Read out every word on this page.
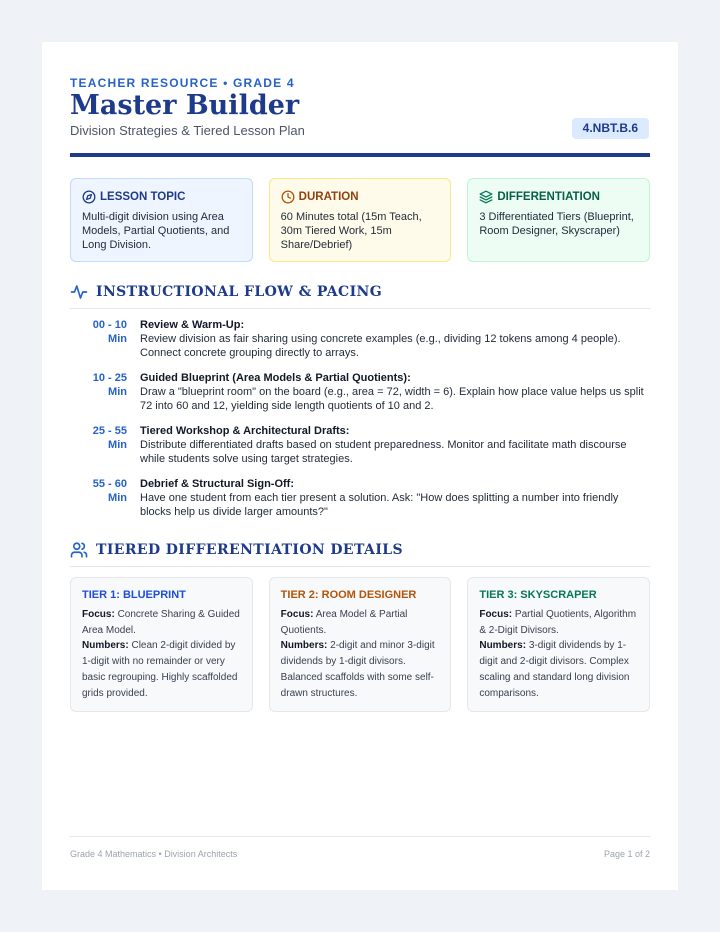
TEACHER RESOURCE • GRADE 4
Master Builder
Division Strategies & Tiered Lesson Plan	4.NBT.B.6
LESSON TOPIC
Multi-digit division using Area Models, Partial Quotients, and Long Division.
DURATION
60 Minutes total (15m Teach, 30m Tiered Work, 15m Share/Debrief)
DIFFERENTIATION
3 Differentiated Tiers (Blueprint, Room Designer, Skyscraper)
INSTRUCTIONAL FLOW & PACING
00 - 10
Min
Review & Warm-Up:
Review division as fair sharing using concrete examples (e.g., dividing 12 tokens among 4 people). Connect concrete grouping directly to arrays.
10 - 25
Min
Guided Blueprint (Area Models & Partial Quotients):
Draw a "blueprint room" on the board (e.g., area = 72, width = 6). Explain how place value helps us split 72 into 60 and 12, yielding side length quotients of 10 and 2.
25 - 55
Min
Tiered Workshop & Architectural Drafts:
Distribute differentiated drafts based on student preparedness. Monitor and facilitate math discourse while students solve using target strategies.
55 - 60
Min
Debrief & Structural Sign-Off:
Have one student from each tier present a solution. Ask: "How does splitting a number into friendly blocks help us divide larger amounts?"
TIERED DIFFERENTIATION DETAILS
TIER 1: BLUEPRINT
Focus: Concrete Sharing & Guided Area Model.
Numbers: Clean 2-digit divided by 1-digit with no remainder or very basic regrouping. Highly scaffolded grids provided.
TIER 2: ROOM DESIGNER
Focus: Area Model & Partial Quotients.
Numbers: 2-digit and minor 3-digit dividends by 1-digit divisors. Balanced scaffolds with some self-drawn structures.
TIER 3: SKYSCRAPER
Focus: Partial Quotients, Algorithm & 2-Digit Divisors.
Numbers: 3-digit dividends by 1-digit and 2-digit divisors. Complex scaling and standard long division comparisons.
Grade 4 Mathematics • Division Architects	Page 1 of 2
